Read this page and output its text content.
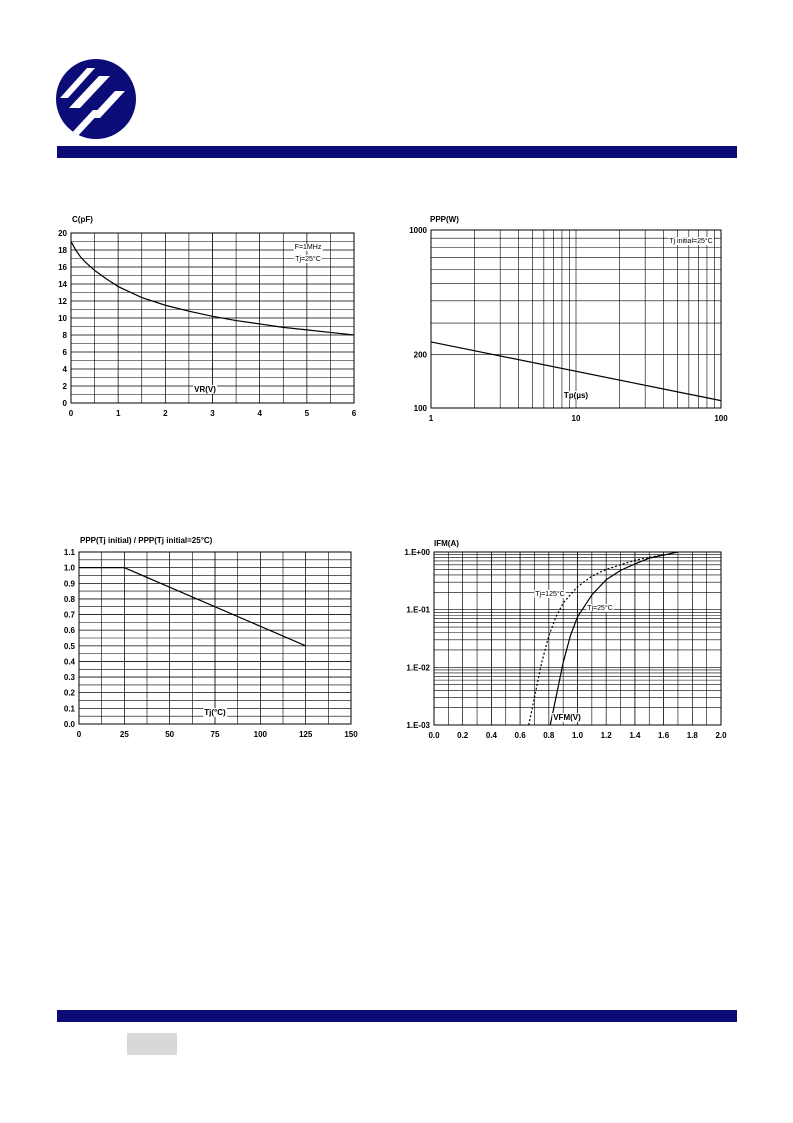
0	1	2	3	4	5	6
0
2
4
6
8
10
12
14
16
18
20
C(pF)
VR(V)
F=1MHz
Tj=25°C
1	10	100
100
200
1000
PPP(W)
Tp(µs)
Tj initial=25°C
0	25	50	75	100	125	150
0.0
0.1
0.2
0.3
0.4
0.5
0.6
0.7
0.8
0.9
1.0
1.1
PPP(Tj initial) / PPP(Tj initial=25°C)
Tj(°C)
0.0 0.2 0.4 0.6 0.8 1.0 1.2 1.4 1.6 1.8 2.0
1.E-03
1.E-02
1.E-01
1.E+00
IFM(A)
VFM(V)
Tj=125°C
Tj=25°C
